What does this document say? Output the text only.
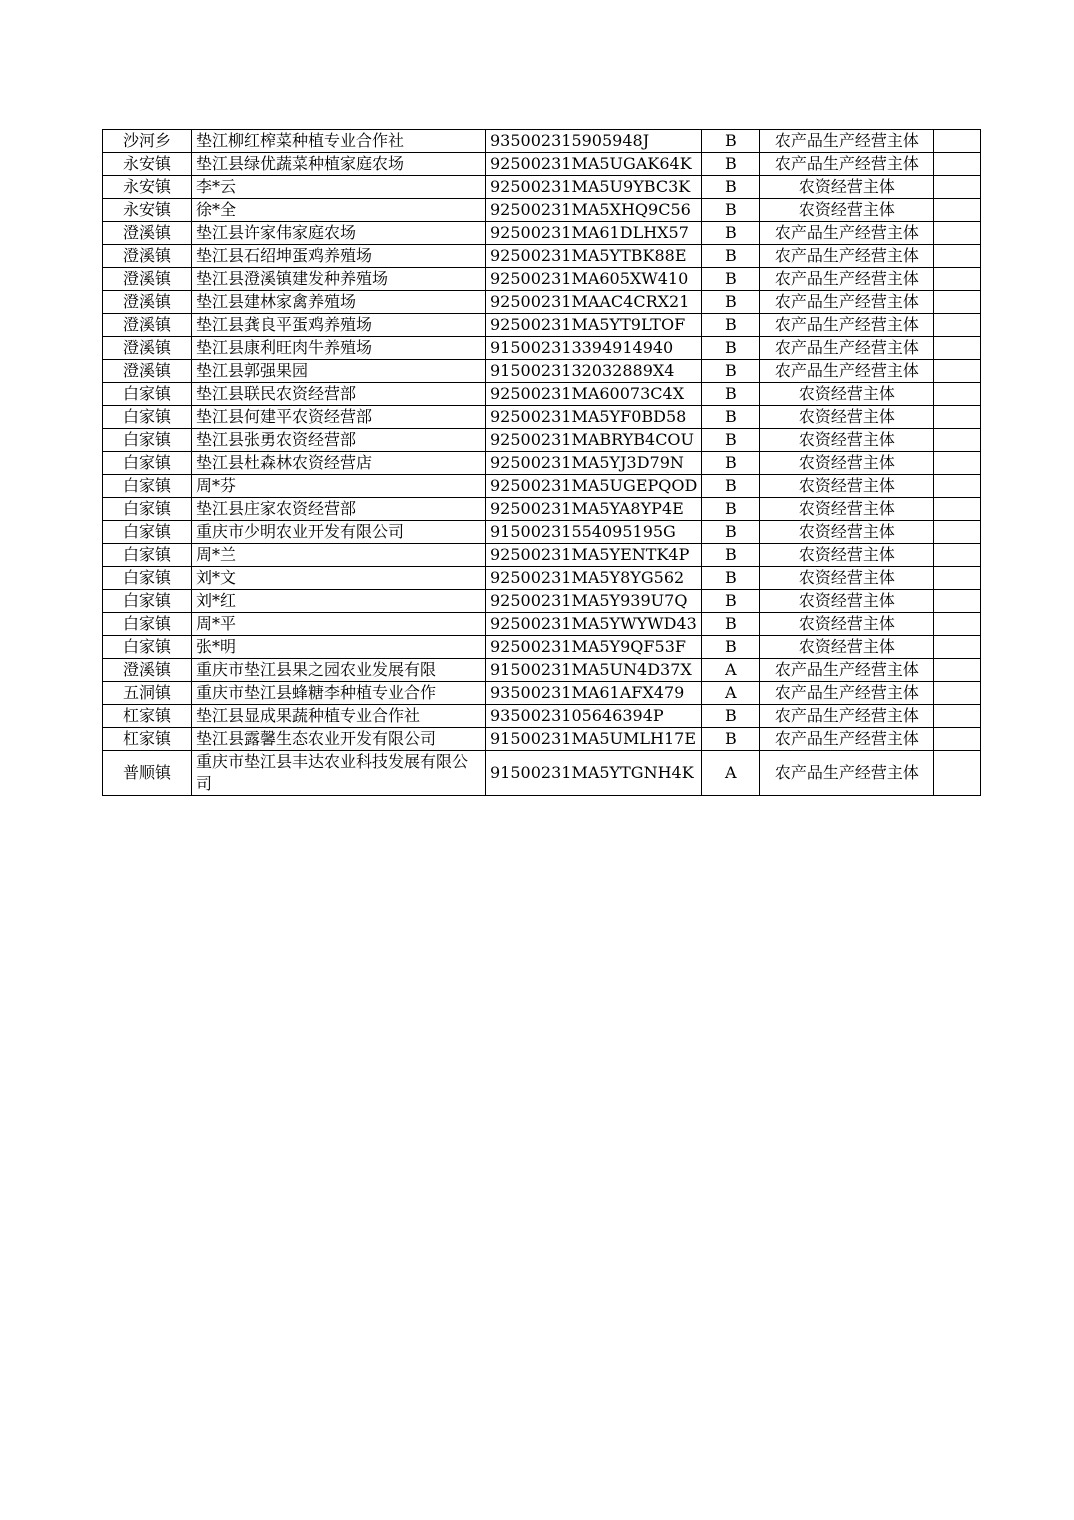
沙河乡	垫江柳红榨菜种植专业合作社	935002315905948J	B	农产品生产经营主体	
永安镇	垫江县绿优蔬菜种植家庭农场	92500231MA5UGAK64K	B	农产品生产经营主体	
永安镇	李*云	92500231MA5U9YBC3K	B	农资经营主体	
永安镇	徐*全	92500231MA5XHQ9C56	B	农资经营主体	
澄溪镇	垫江县许家伟家庭农场	92500231MA61DLHX57	B	农产品生产经营主体	
澄溪镇	垫江县石绍坤蛋鸡养殖场	92500231MA5YTBK88E	B	农产品生产经营主体	
澄溪镇	垫江县澄溪镇建发种养殖场	92500231MA605XW410	B	农产品生产经营主体	
澄溪镇	垫江县建林家禽养殖场	92500231MAAC4CRX21	B	农产品生产经营主体	
澄溪镇	垫江县龚良平蛋鸡养殖场	92500231MA5YT9LTOF	B	农产品生产经营主体	
澄溪镇	垫江县康利旺肉牛养殖场	915002313394914940	B	农产品生产经营主体	
澄溪镇	垫江县郭强果园	9150023132032889X4	B	农产品生产经营主体	
白家镇	垫江县联民农资经营部	92500231MA60073C4X	B	农资经营主体	
白家镇	垫江县何建平农资经营部	92500231MA5YF0BD58	B	农资经营主体	
白家镇	垫江县张勇农资经营部	92500231MABRYB4COU	B	农资经营主体	
白家镇	垫江县杜森林农资经营店	92500231MA5YJ3D79N	B	农资经营主体	
白家镇	周*芬	92500231MA5UGEPQOD	B	农资经营主体	
白家镇	垫江县庄家农资经营部	92500231MA5YA8YP4E	B	农资经营主体	
白家镇	重庆市少明农业开发有限公司	915002315540951​95G	B	农资经营主体	
白家镇	周*兰	92500231MA5YENTK4P	B	农资经营主体	
白家镇	刘*文	92500231MA5Y8YG562	B	农资经营主体	
白家镇	刘*红	92500231MA5Y939U7Q	B	农资经营主体	
白家镇	周*平	92500231MA5YWYWD43	B	农资经营主体	
白家镇	张*明	92500231MA5Y9QF53F	B	农资经营主体	
澄溪镇	重庆市垫江县果之园农业发展有限	91500231MA5UN4D37X	A	农产品生产经营主体	
五洞镇	重庆市垫江县蜂糖李种植专业合作	93500231MA61AFX479	A	农产品生产经营主体	
杠家镇	垫江县显成果蔬种植专业合作社	935002310564​6394P	B	农产品生产经营主体	
杠家镇	垫江县露馨生态农业开发有限公司	91500231MA5UMLH17E	B	农产品生产经营主体	
普顺镇	重庆市垫江县丰达农业科技发展有限公司	91500231MA5YTGNH4K	A	农产品生产经营主体	
